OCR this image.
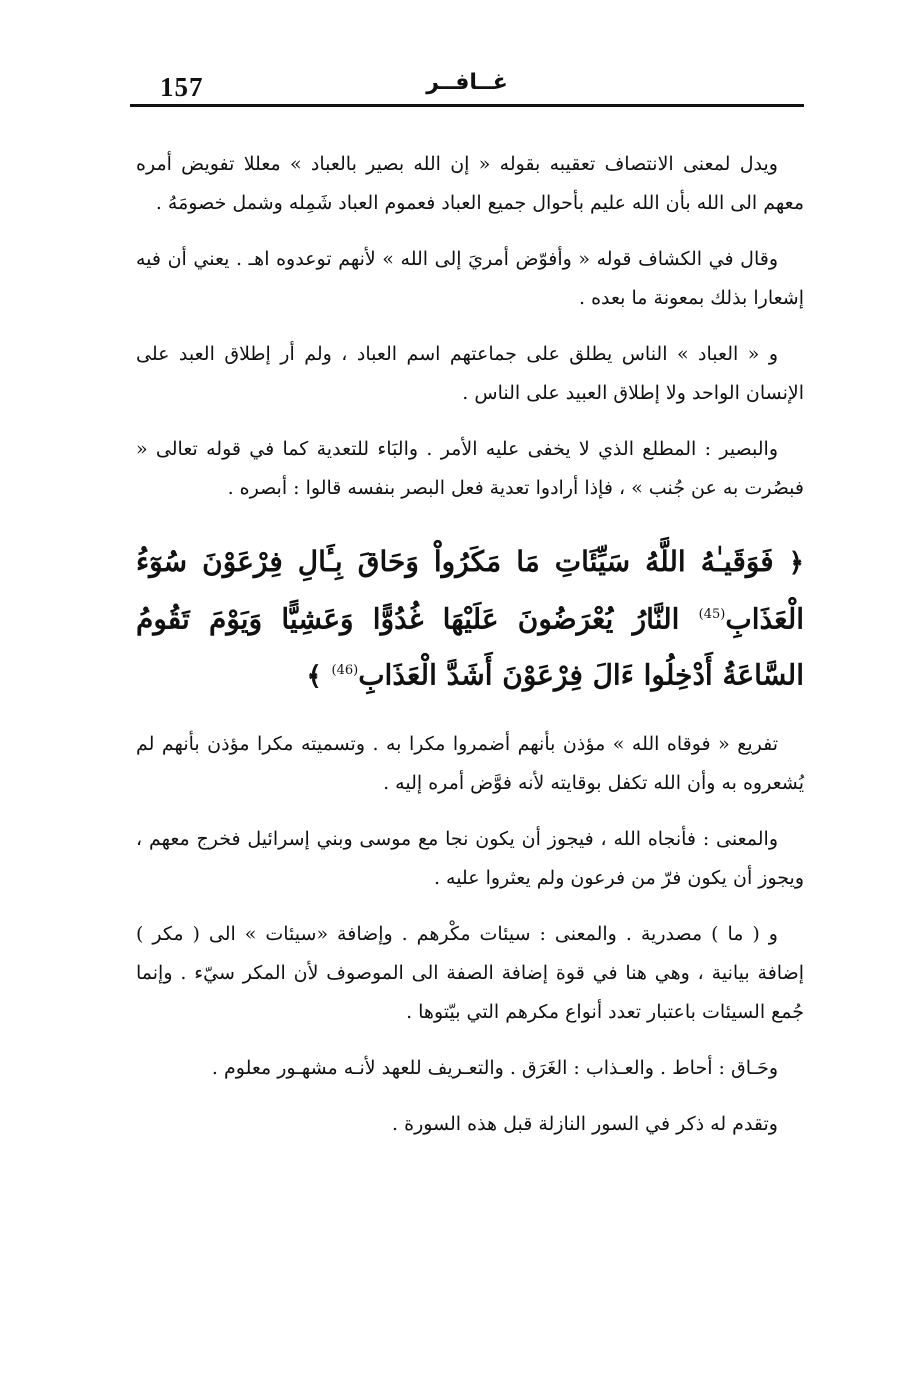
157	غــافــر

ويدل لمعنى الانتصاف تعقيبه بقوله « إن الله بصير بالعباد » معللا تفويض أمره معهم الى الله بأن الله عليم بأحوال جميع العباد فعموم العباد شَمِله وشمل خصومَهُ .

وقال في الكشاف قوله « وأفوّض أمريَ إلى الله » لأنهم توعدوه اهـ . يعني أن فيه إشعارا بذلك بمعونة ما بعده .

و « العباد » الناس يطلق على جماعتهم اسم العباد ، ولم أر إطلاق العبد على الإنسان الواحد ولا إطلاق العبيد على الناس .

والبصير : المطلع الذي لا يخفى عليه الأمر . والبَاء للتعدية كما في قوله تعالى « فبصُرت به عن جُنب » ، فإذا أرادوا تعدية فعل البصر بنفسه قالوا : أبصره .

﴿ فَوَقَيـٰهُ اللَّهُ سَيِّئَاتِ مَا مَكَرُواْ وَحَاقَ بِـَٔالِ فِرْعَوْنَ سُوٓءُ الْعَذَابِ$^{(45)}$ النَّارُ يُعْرَضُونَ عَلَيْهَا غُدُوًّا وَعَشِيًّا وَيَوْمَ تَقُومُ السَّاعَةُ أَدْخِلُوا ءَالَ فِرْعَوْنَ أَشَدَّ الْعَذَابِ$^{(46)}$ ﴾

تفريع « فوقاه الله » مؤذن بأنهم أضمروا مكرا به . وتسميته مكرا مؤذن بأنهم لم يُشعروه به وأن الله تكفل بوقايته لأنه فوَّض أمره إليه .

والمعنى : فأنجاه الله ، فيجوز أن يكون نجا مع موسى وبني إسرائيل فخرج معهم ، ويجوز أن يكون فرّ من فرعون ولم يعثروا عليه .

و ( ما ) مصدرية . والمعنى : سيئات مكْرهم . وإضافة «سيئات » الى ( مكر ) إضافة بيانية ، وهي هنا في قوة إضافة الصفة الى الموصوف لأن المكر سيّء . وإنما جُمع السيئات باعتبار تعدد أنواع مكرهم التي بيّتوها .

وحَـاق : أحاط . والعـذاب : الغَرَق . والتعـريف للعهد لأنـه مشهـور معلوم .

وتقدم له ذكر في السور النازلة قبل هذه السورة .
